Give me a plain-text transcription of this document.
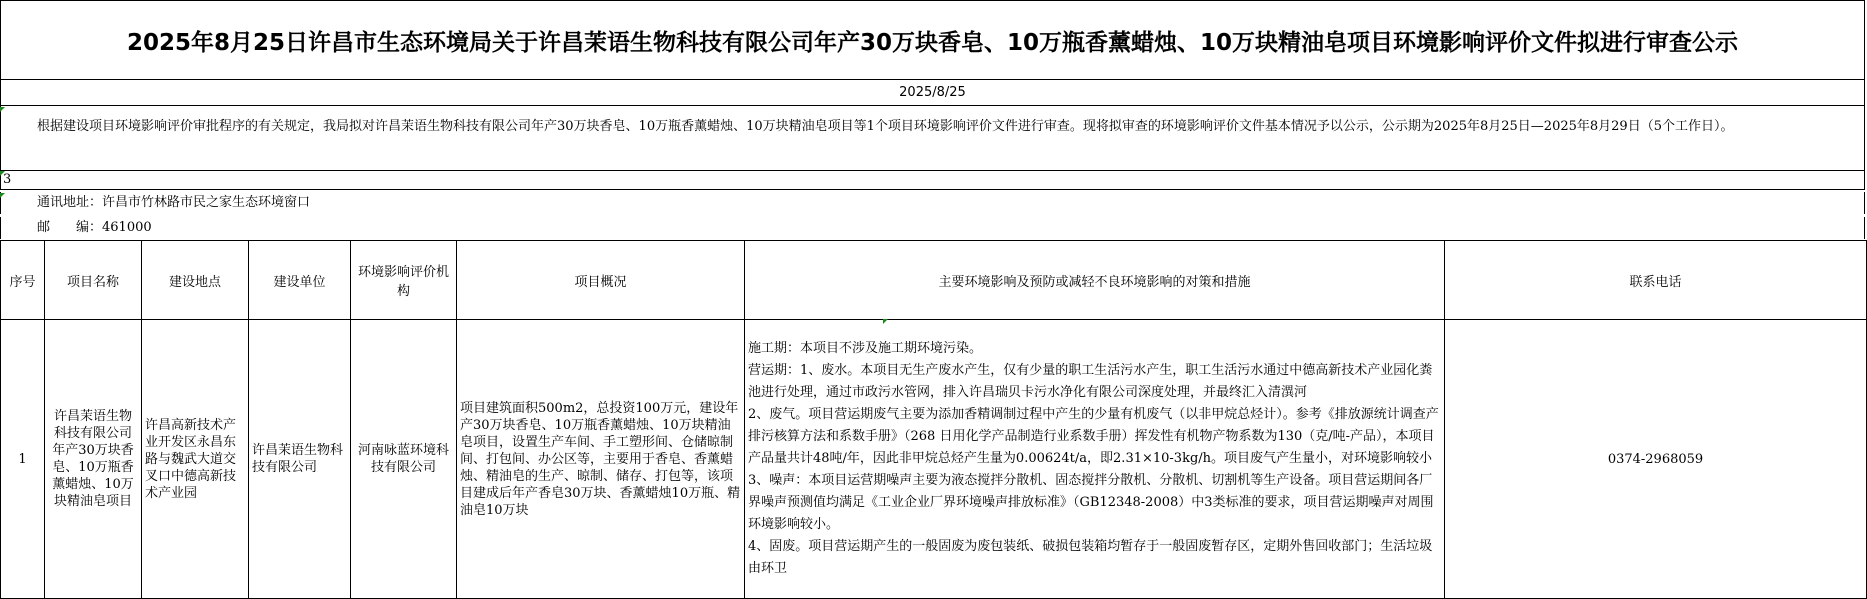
2025年8月25日许昌市生态环境局关于许昌茉语生物科技有限公司年产30万块香皂、10万瓶香薰蜡烛、10万块精油皂项目环境影响评价文件拟进行审查公示
2025/8/25
根据建设项目环境影响评价审批程序的有关规定，我局拟对许昌茉语生物科技有限公司年产30万块香皂、10万瓶香薰蜡烛、10万块精油皂项目等1个项目环境影响评价文件进行审查。现将拟审查的环境影响评价文件基本情况予以公示，公示期为2025年8月25日—2025年8月29日（5个工作日）。
3
通讯地址：许昌市竹林路市民之家生态环境窗口
邮　　编：461000
序号	项目名称	建设地点	建设单位	环境影响评价机构	项目概况	主要环境影响及预防或减轻不良环境影响的对策和措施	联系电话
1	许昌茉语生物科技有限公司年产30万块香皂、10万瓶香薰蜡烛、10万块精油皂项目	许昌高新技术产业开发区永昌东路与魏武大道交叉口中德高新技术产业园	许昌茉语生物科技有限公司	河南咏蓝环境科技有限公司	项目建筑面积500m2，总投资100万元，建设年产30万块香皂、10万瓶香薰蜡烛、10万块精油皂项目，设置生产车间、手工塑形间、仓储晾制间、打包间、办公区等，主要用于香皂、香薰蜡烛、精油皂的生产、晾制、储存、打包等，该项目建成后年产香皂30万块、香薰蜡烛10万瓶、精油皂10万块	施工期：本项目不涉及施工期环境污染。
营运期：1、废水。本项目无生产废水产生，仅有少量的职工生活污水产生，职工生活污水通过中德高新技术产业园化粪池进行处理，通过市政污水管网，排入许昌瑞贝卡污水净化有限公司深度处理，并最终汇入清潩河
2、废气。项目营运期废气主要为添加香精调制过程中产生的少量有机废气（以非甲烷总烃计）。参考《排放源统计调查产排污核算方法和系数手册》（268 日用化学产品制造行业系数手册）挥发性有机物产物系数为130（克/吨-产品），本项目产品量共计48吨/年，因此非甲烷总烃产生量为0.00624t/a，即2.31×10-3kg/h。项目废气产生量小，对环境影响较小
3、噪声：本项目运营期噪声主要为液态搅拌分散机、固态搅拌分散机、分散机、切割机等生产设备。项目营运期间各厂界噪声预测值均满足《工业企业厂界环境噪声排放标准》（GB12348-2008）中3类标准的要求，项目营运期噪声对周围环境影响较小。
4、固废。项目营运期产生的一般固废为废包装纸、破损包装箱均暂存于一般固废暂存区，定期外售回收部门；生活垃圾由环卫	0374-2968059
